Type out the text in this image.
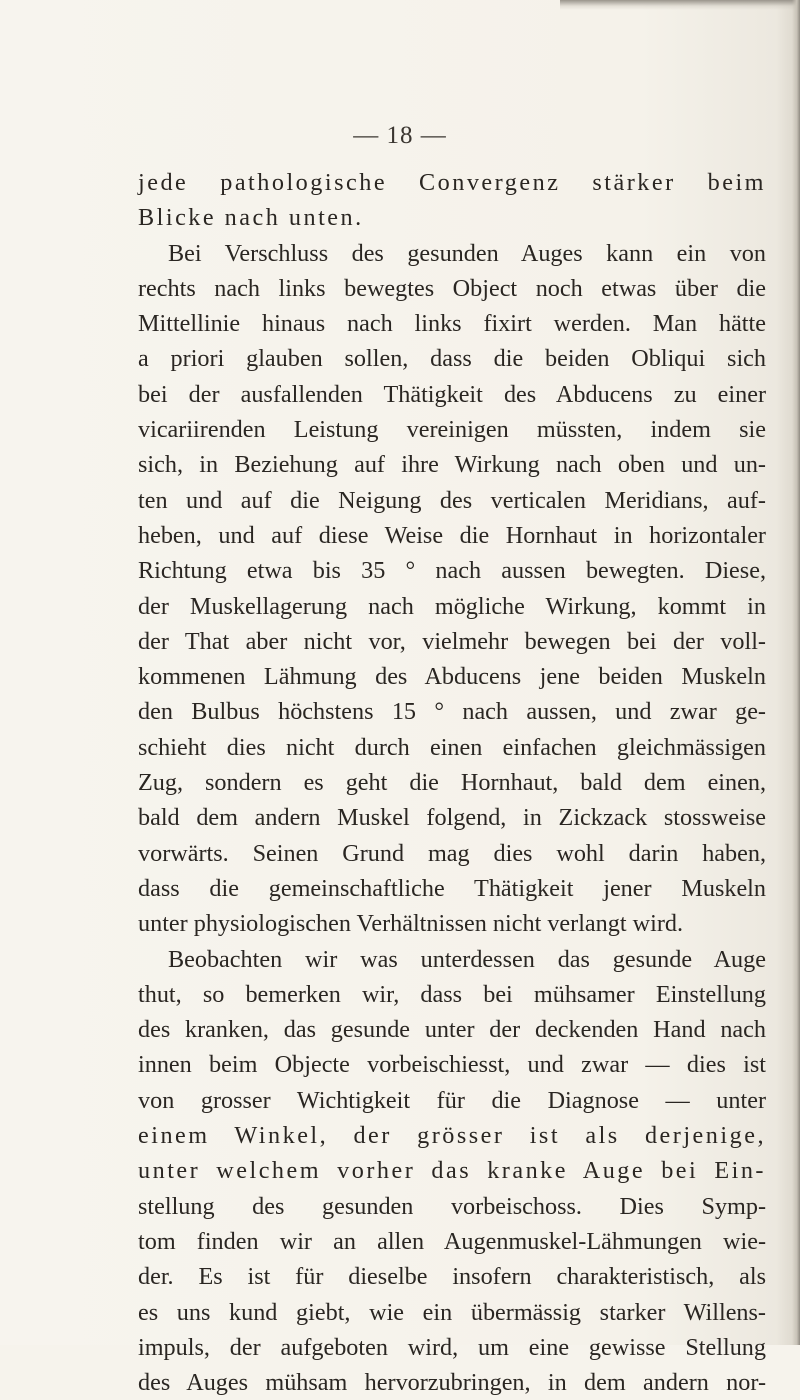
— 18 —
jede pathologische Convergenz stärker beim
Blicke nach unten.
Bei Verschluss des gesunden Auges kann ein von
rechts nach links bewegtes Object noch etwas über die
Mittellinie hinaus nach links fixirt werden. Man hätte
a priori glauben sollen, dass die beiden Obliqui sich
bei der ausfallenden Thätigkeit des Abducens zu einer
vicariirenden Leistung vereinigen müssten, indem sie
sich, in Beziehung auf ihre Wirkung nach oben und un-
ten und auf die Neigung des verticalen Meridians, auf-
heben, und auf diese Weise die Hornhaut in horizontaler
Richtung etwa bis 35 ° nach aussen bewegten. Diese,
der Muskellagerung nach mögliche Wirkung, kommt in
der That aber nicht vor, vielmehr bewegen bei der voll-
kommenen Lähmung des Abducens jene beiden Muskeln
den Bulbus höchstens 15 ° nach aussen, und zwar ge-
schieht dies nicht durch einen einfachen gleichmässigen
Zug, sondern es geht die Hornhaut, bald dem einen,
bald dem andern Muskel folgend, in Zickzack stossweise
vorwärts. Seinen Grund mag dies wohl darin haben,
dass die gemeinschaftliche Thätigkeit jener Muskeln
unter physiologischen Verhältnissen nicht verlangt wird.
Beobachten wir was unterdessen das gesunde Auge
thut, so bemerken wir, dass bei mühsamer Einstellung
des kranken, das gesunde unter der deckenden Hand nach
innen beim Objecte vorbeischiesst, und zwar — dies ist
von grosser Wichtigkeit für die Diagnose — unter
einem Winkel, der grösser ist als derjenige,
unter welchem vorher das kranke Auge bei Ein-
stellung des gesunden vorbeischoss. Dies Symp-
tom finden wir an allen Augenmuskel-Lähmungen wie-
der. Es ist für dieselbe insofern charakteristisch, als
es uns kund giebt, wie ein übermässig starker Willens-
impuls, der aufgeboten wird, um eine gewisse Stellung
des Auges mühsam hervorzubringen, in dem andern nor-
